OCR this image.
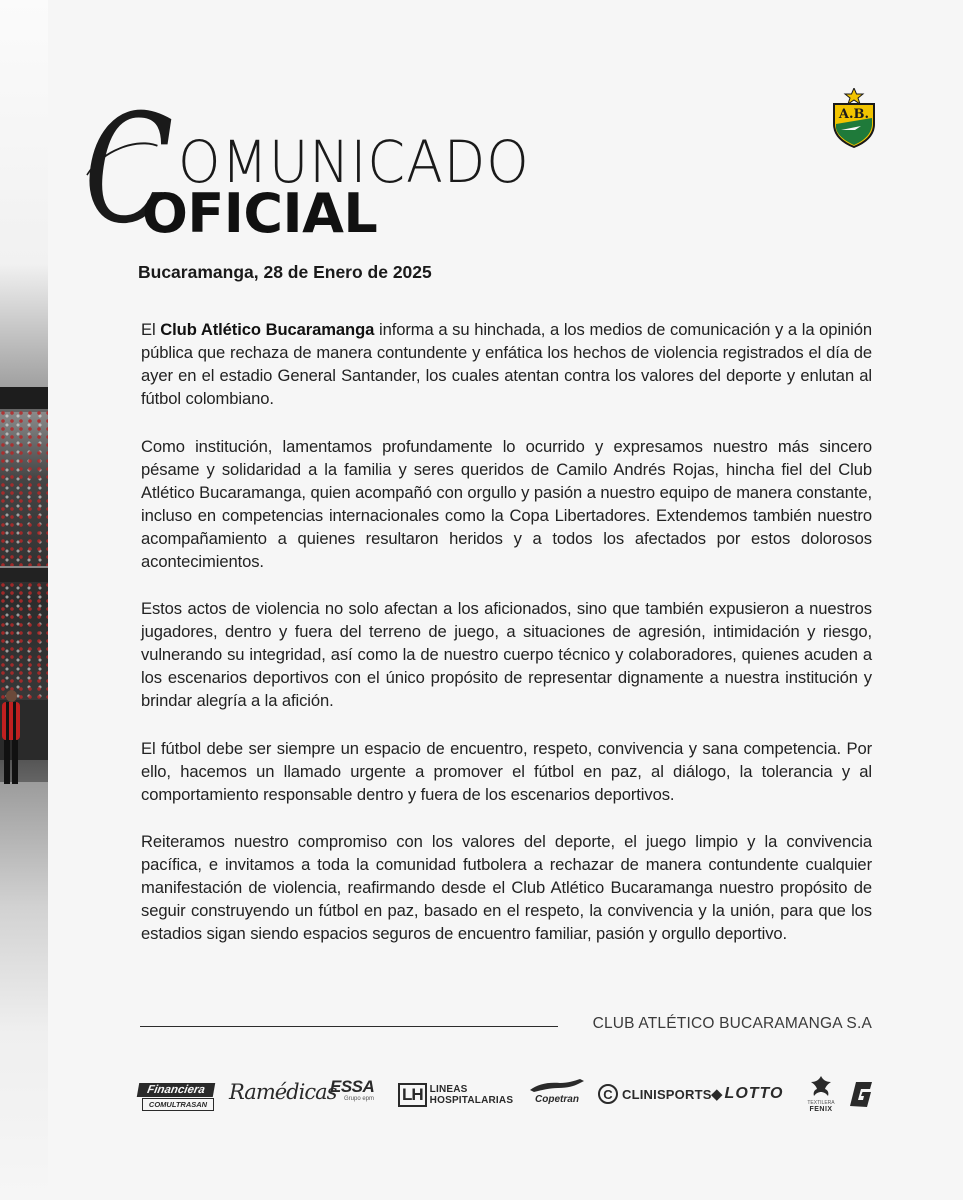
A.B.
C OMUNICADO
OFICIAL
Bucaramanga, 28 de Enero de 2025

El Club Atlético Bucaramanga informa a su hinchada, a los medios de comunicación y a la opinión pública que rechaza de manera contundente y enfática los hechos de violencia registrados el día de ayer en el estadio General Santander, los cuales atentan contra los valores del deporte y enlutan al fútbol colombiano.

Como institución, lamentamos profundamente lo ocurrido y expresamos nuestro más sincero pésame y solidaridad a la familia y seres queridos de Camilo Andrés Rojas, hincha fiel del Club Atlético Bucaramanga, quien acompañó con orgullo y pasión a nuestro equipo de manera constante, incluso en competencias internacionales como la Copa Libertadores. Extendemos también nuestro acompañamiento a quienes resultaron heridos y a todos los afectados por estos dolorosos acontecimientos.

Estos actos de violencia no solo afectan a los aficionados, sino que también expusieron a nuestros jugadores, dentro y fuera del terreno de juego, a situaciones de agresión, intimidación y riesgo, vulnerando su integridad, así como la de nuestro cuerpo técnico y colaboradores, quienes acuden a los escenarios deportivos con el único propósito de representar dignamente a nuestra institución y brindar alegría a la afición.

El fútbol debe ser siempre un espacio de encuentro, respeto, convivencia y sana competencia. Por ello, hacemos un llamado urgente a promover el fútbol en paz, al diálogo, la tolerancia y al comportamiento responsable dentro y fuera de los escenarios deportivos.

Reiteramos nuestro compromiso con los valores del deporte, el juego limpio y la convivencia pacífica, e invitamos a toda la comunidad futbolera a rechazar de manera contundente cualquier manifestación de violencia, reafirmando desde el Club Atlético Bucaramanga nuestro propósito de seguir construyendo un fútbol en paz, basado en el respeto, la convivencia y la unión, para que los estadios sigan siendo espacios seguros de encuentro familiar, pasión y orgullo deportivo.

CLUB ATLÉTICO BUCARAMANGA S.A
Financiera
COMULTRASAN
Ramédicas
ESSA
Grupo epm LH LINEAS
HOSPITALARIAS Copetran	C CLINISPORTS ◆ LOTTO
TEXTILERA
FENIX
